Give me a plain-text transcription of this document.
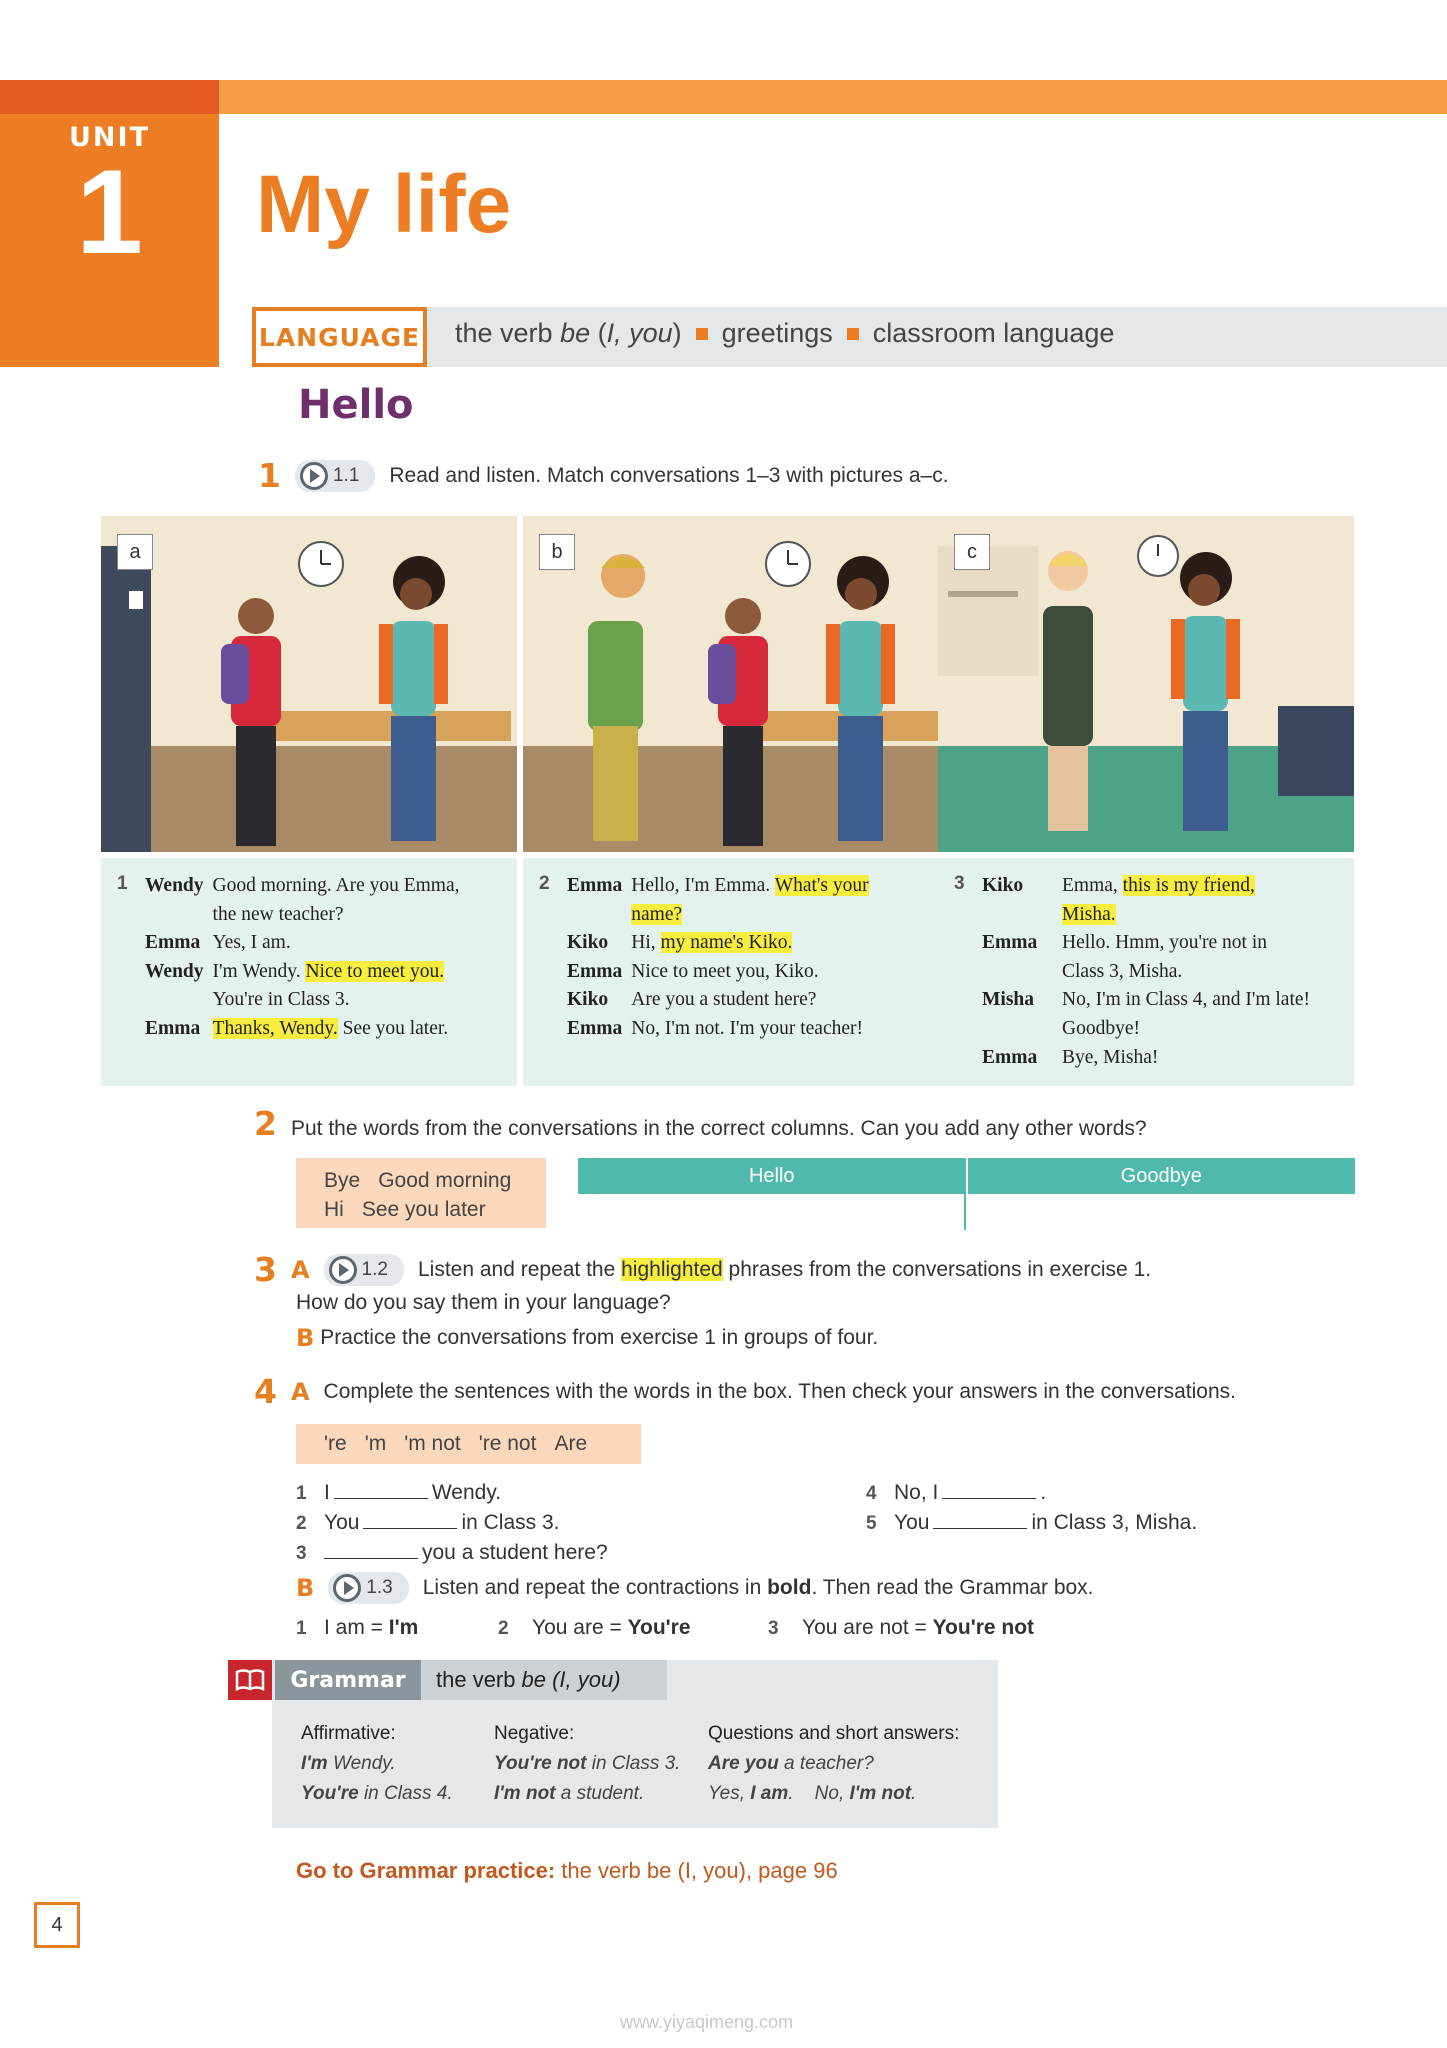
UNIT
1	My life
LANGUAGE the verb be (I, you) greetings classroom language
Hello
1	1.1 Read and listen. Match conversations 1–3 with pictures a–c.
a	b	c
1	Wendy	Good morning. Are you Emma, the new teacher?
	Emma	Yes, I am.
	Wendy	I'm Wendy. Nice to meet you. You're in Class 3.
	Emma	Thanks, Wendy. See you later.
2	Emma	Hello, I'm Emma. What's your name?
	Kiko	Hi, my name's Kiko.
	Emma	Nice to meet you, Kiko.
	Kiko	Are you a student here?
	Emma	No, I'm not. I'm your teacher!
3	Kiko	Emma, this is my friend, Misha.
	Emma	Hello. Hmm, you're not in Class 3, Misha.
	Misha	No, I'm in Class 4, and I'm late! Goodbye!
	Emma	Bye, Misha!
2 Put the words from the conversations in the correct columns. Can you add any other words?
Bye Good morning
Hi See you later
Hello	Goodbye
3 A	1.2 Listen and repeat the highlighted phrases from the conversations in exercise 1.
How do you say them in your language?
B Practice the conversations from exercise 1 in groups of four.
4 A Complete the sentences with the words in the box. Then check your answers in the conversations.
're 'm 'm not 're not Are
1 I	Wendy.
2 You	in Class 3.
3	you a student here?
4 No, I	.
5 You	in Class 3, Misha.
B	1.3 Listen and repeat the contractions in bold. Then read the Grammar box.
1 I am = I'm	2 You are = You're	3 You are not = You're not
Grammar	the verb be (I, you)
Affirmative:
I'm Wendy.
You're in Class 4.
Negative:
You're not in Class 3.
I'm not a student.
Questions and short answers:
Are you a teacher?
Yes, I am.    No, I'm not.
Go to Grammar practice: the verb be (I, you), page 96
4
www.yiyaqimeng.com
